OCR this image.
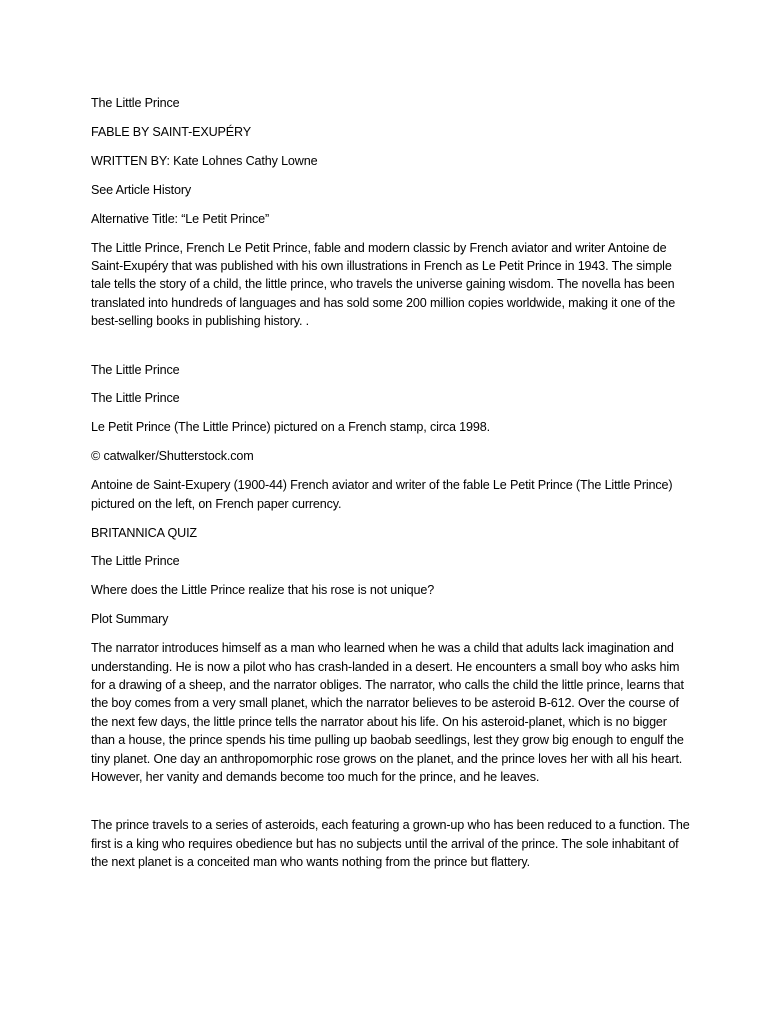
The Little Prince

FABLE BY SAINT-EXUPÉRY

WRITTEN BY: Kate Lohnes Cathy Lowne

See Article History

Alternative Title: “Le Petit Prince”

The Little Prince, French Le Petit Prince, fable and modern classic by French aviator and writer Antoine de Saint-Exupéry that was published with his own illustrations in French as Le Petit Prince in 1943. The simple tale tells the story of a child, the little prince, who travels the universe gaining wisdom. The novella has been translated into hundreds of languages and has sold some 200 million copies worldwide, making it one of the best-selling books in publishing history. .

The Little Prince

The Little Prince

Le Petit Prince (The Little Prince) pictured on a French stamp, circa 1998.

© catwalker/Shutterstock.com

Antoine de Saint-Exupery (1900-44) French aviator and writer of the fable Le Petit Prince (The Little Prince) pictured on the left, on French paper currency.

BRITANNICA QUIZ

The Little Prince

Where does the Little Prince realize that his rose is not unique?

Plot Summary

The narrator introduces himself as a man who learned when he was a child that adults lack imagination and understanding. He is now a pilot who has crash-landed in a desert. He encounters a small boy who asks him for a drawing of a sheep, and the narrator obliges. The narrator, who calls the child the little prince, learns that the boy comes from a very small planet, which the narrator believes to be asteroid B-612. Over the course of the next few days, the little prince tells the narrator about his life. On his asteroid-planet, which is no bigger than a house, the prince spends his time pulling up baobab seedlings, lest they grow big enough to engulf the tiny planet. One day an anthropomorphic rose grows on the planet, and the prince loves her with all his heart. However, her vanity and demands become too much for the prince, and he leaves.

The prince travels to a series of asteroids, each featuring a grown-up who has been reduced to a function. The first is a king who requires obedience but has no subjects until the arrival of the prince. The sole inhabitant of the next planet is a conceited man who wants nothing from the prince but flattery.
